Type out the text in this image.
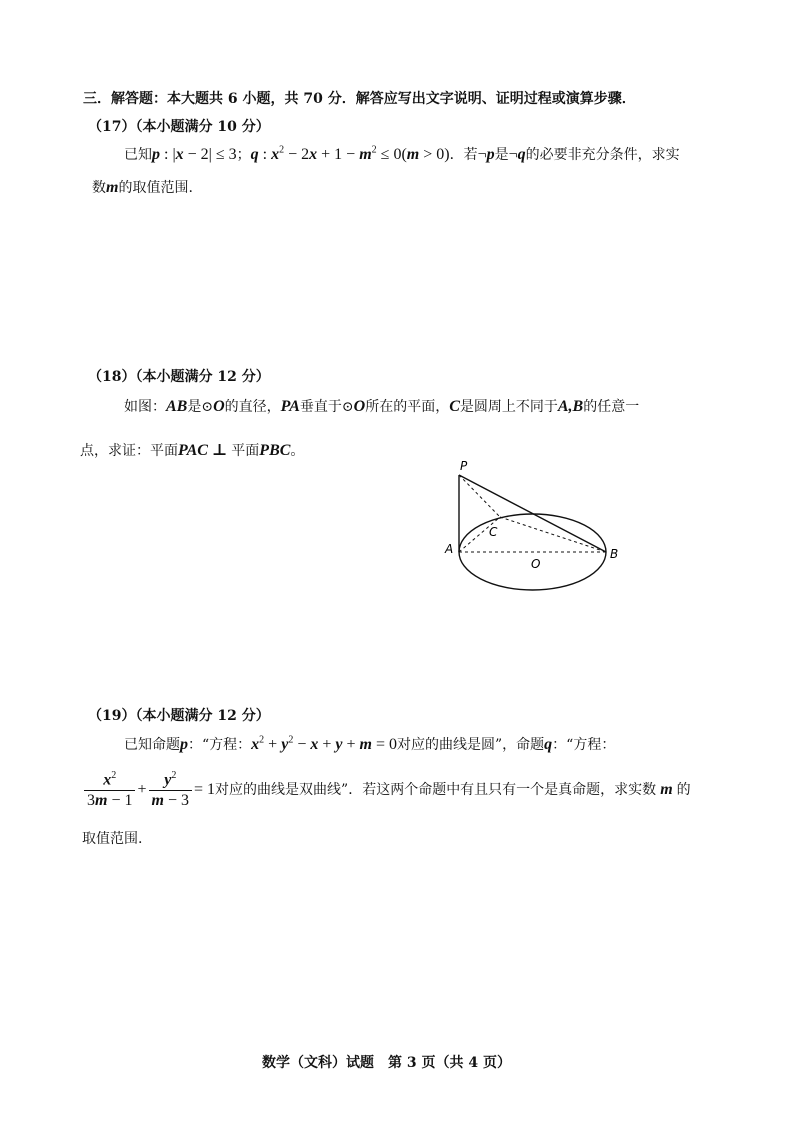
三．解答题：本大题共 6 小题，共 70 分．解答应写出文字说明、证明过程或演算步骤．
（17）（本小题满分 10 分）
已知p : |x − 2| ≤ 3；q : $x^2 - 2x + 1 - m^2 \le 0(m > 0)$．若¬p是¬q的必要非充分条件，求实
数m的取值范围.
（18）（本小题满分 12 分）
如图：AB是⊙O的直径，PA垂直于⊙O所在的平面，C是圆周上不同于A,B的任意一
点，求证：平面PAC ⊥ 平面PBC。
P
A	B
C
O
（19）（本小题满分 12 分）
已知命题p：“方程：$x^2 + y^2 - x + y + m = 0$对应的曲线是圆”，命题q：“方程：
$\frac{x^2}{3m - 1} + \frac{y^2}{m - 3} = 1$对应的曲线是双曲线”．若这两个命题中有且只有一个是真命题，求实数 m 的
取值范围.
数学（文科）试题　第 3 页（共 4 页）
